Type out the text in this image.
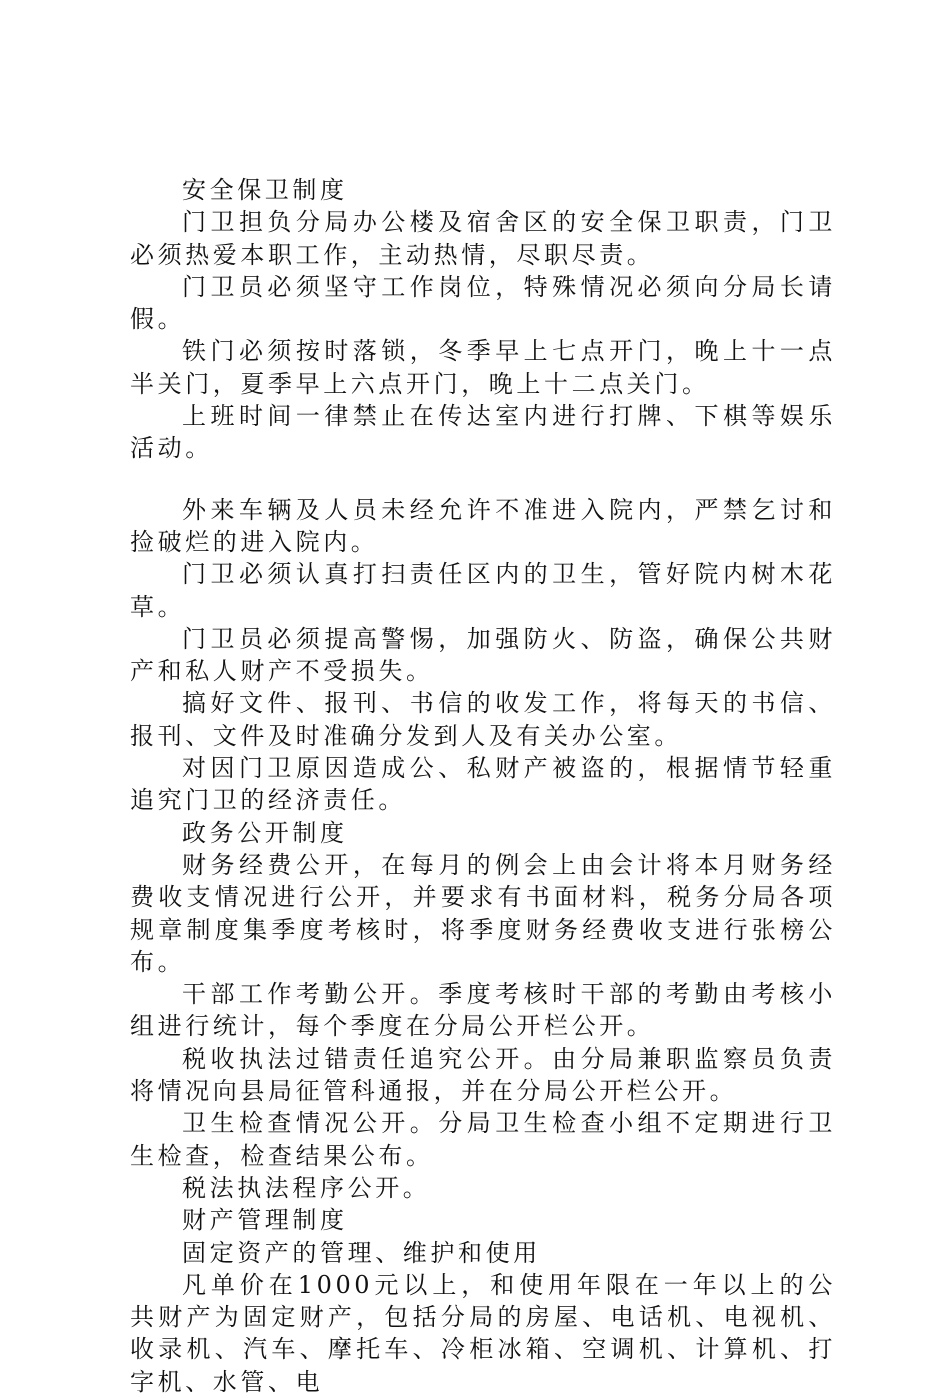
安全保卫制度

门卫担负分局办公楼及宿舍区的安全保卫职责，门卫必须热爱本职工作，主动热情，尽职尽责。

门卫员必须坚守工作岗位，特殊情况必须向分局长请假。

铁门必须按时落锁，冬季早上七点开门，晚上十一点半关门，夏季早上六点开门，晚上十二点关门。

上班时间一律禁止在传达室内进行打牌、下棋等娱乐活动。

外来车辆及人员未经允许不准进入院内，严禁乞讨和捡破烂的进入院内。

门卫必须认真打扫责任区内的卫生，管好院内树木花草。

门卫员必须提高警惕，加强防火、防盗，确保公共财产和私人财产不受损失。

搞好文件、报刊、书信的收发工作，将每天的书信、报刊、文件及时准确分发到人及有关办公室。

对因门卫原因造成公、私财产被盗的，根据情节轻重追究门卫的经济责任。

政务公开制度

财务经费公开，在每月的例会上由会计将本月财务经费收支情况进行公开，并要求有书面材料，税务分局各项规章制度集季度考核时，将季度财务经费收支进行张榜公布。

干部工作考勤公开。季度考核时干部的考勤由考核小组进行统计，每个季度在分局公开栏公开。

税收执法过错责任追究公开。由分局兼职监察员负责将情况向县局征管科通报，并在分局公开栏公开。

卫生检查情况公开。分局卫生检查小组不定期进行卫生检查，检查结果公布。

税法执法程序公开。

财产管理制度

固定资产的管理、维护和使用

凡单价在1000元以上，和使用年限在一年以上的公共财产为固定财产，包括分局的房屋、电话机、电视机、收录机、汽车、摩托车、冷柜冰箱、空调机、计算机、打字机、水管、电
